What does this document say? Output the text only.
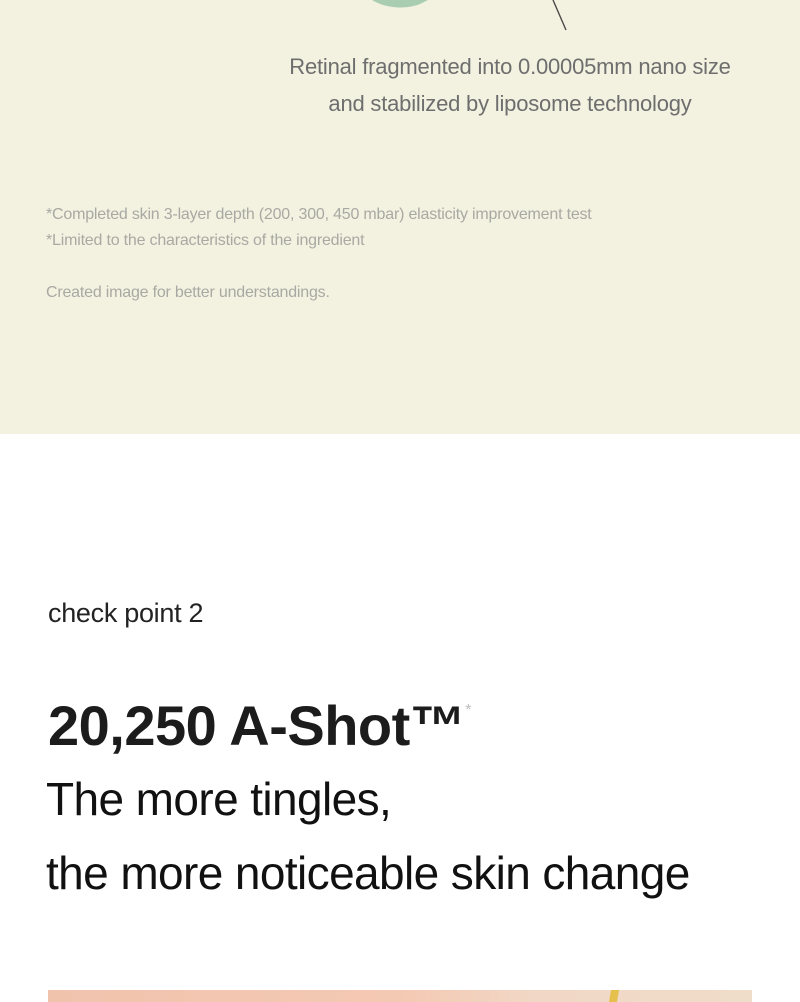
Retinal fragmented into 0.00005mm nano size
and stabilized by liposome technology
*Completed skin 3-layer depth (200, 300, 450 mbar) elasticity improvement test
*Limited to the characteristics of the ingredient
Created image for better understandings.
check point 2
20,250 A-Shot™*
The more tingles,
the more noticeable skin change
